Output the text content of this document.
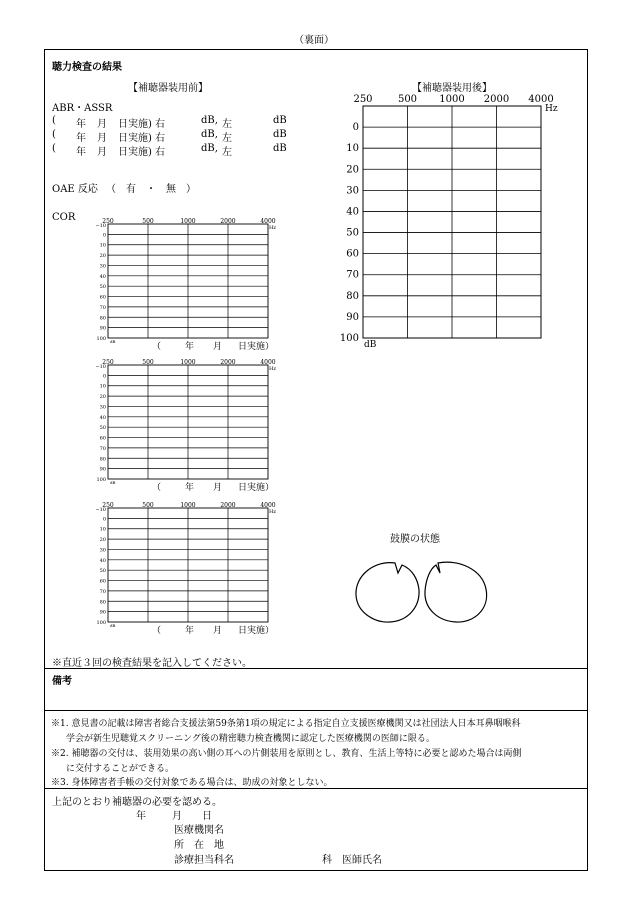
（裏面）
聴力検査の結果
【補聴器装用前】	【補聴器装用後】
ABR・ASSR
( 年 月 日実施) 右	dB, 左	dB
( 年 月 日実施) 右	dB, 左	dB
( 年 月 日実施) 右	dB, 左	dB
OAE 反応 （　有　・　無　）
COR
250	500 1000 2000 4000
Hz
0
10
20
30
40
50
60
70
80
90
100
dB
250	500	1000	2000	4000
Hz
−10
0
10
20
30
40
50
60
70
80
90
100 dB
（	年 月 日実施）
250	500	1000	2000	4000
Hz
−10
0
10
20
30
40
50
60
70
80
90
100 dB
（	年 月 日実施）
250	500	1000	2000	4000
Hz
−10
0
10
20
30
40
50
60
70
80
90
100 dB
（	年 月 日実施）
鼓膜の状態
※直近３回の検査結果を記入してください。
備考
※1. 意見書の記載は障害者総合支援法第59条第1項の規定による指定自立支援医療機関又は社団法人日本耳鼻咽喉科
学会が新生児聴覚スクリーニング後の精密聴力検査機関に認定した医療機関の医師に限る。
※2. 補聴器の交付は、装用効果の高い側の耳への片側装用を原則とし、教育、生活上等特に必要と認めた場合は両側
に交付することができる。
※3. 身体障害者手帳の交付対象である場合は、助成の対象としない。
上記のとおり補聴器の必要を認める。
年	月 日
医療機関名
所　在　地
診療担当科名	科　医師氏名
